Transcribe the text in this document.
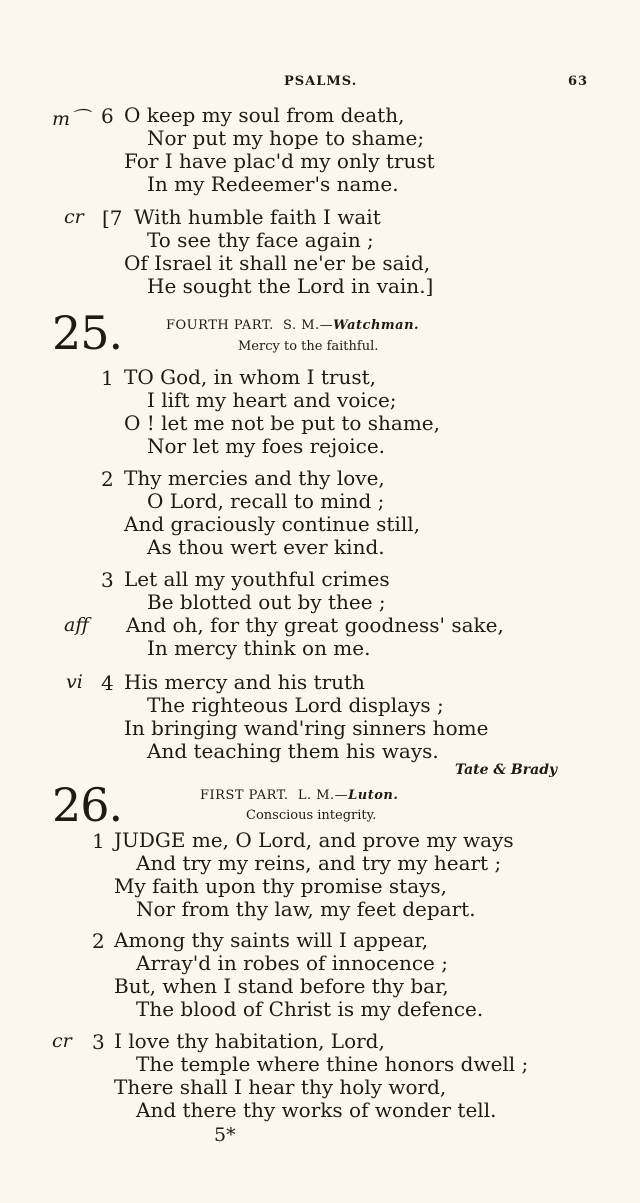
PSALMS.	63
m⌒ 6 O keep my soul from death,
Nor put my hope to shame;
For I have plac'd my only trust
In my Redeemer's name.
cr [7 With humble faith I wait
To see thy face again ;
Of Israel it shall ne'er be said,
He sought the Lord in vain.]
25.	FOURTH PART. S. M.—Watchman.
Mercy to the faithful.
1 TO God, in whom I trust,
I lift my heart and voice;
O ! let me not be put to shame,
Nor let my foes rejoice.
2 Thy mercies and thy love,
O Lord, recall to mind ;
And graciously continue still,
As thou wert ever kind.
3 Let all my youthful crimes
Be blotted out by thee ;
aff And oh, for thy great goodness' sake,
In mercy think on me.
vi 4 His mercy and his truth
The righteous Lord displays ;
In bringing wand'ring sinners home
And teaching them his ways.
Tate & Brady
26.	FIRST PART. L. M.—Luton.
Conscious integrity.
1 JUDGE me, O Lord, and prove my ways
And try my reins, and try my heart ;
My faith upon thy promise stays,
Nor from thy law, my feet depart.
2 Among thy saints will I appear,
Array'd in robes of innocence ;
But, when I stand before thy bar,
The blood of Christ is my defence.
cr 3 I love thy habitation, Lord,
The temple where thine honors dwell ;
There shall I hear thy holy word,
And there thy works of wonder tell.
5*
